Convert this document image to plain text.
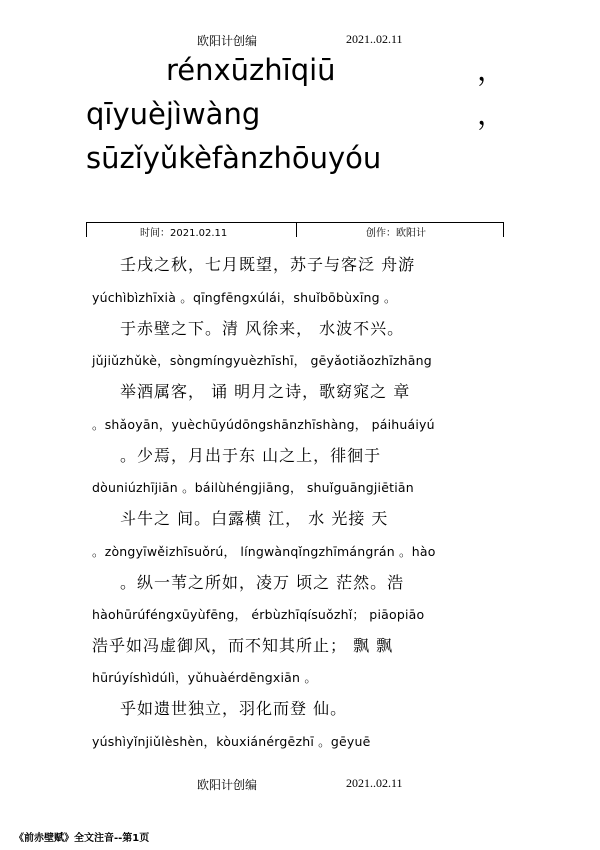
欧阳计创编	2021..02.11
rénxūzhīqiū	，
qīyuèjìwàng	，
sūzǐyǔkèfànzhōuyóu
时间：2021.02.11	创作：欧阳计
壬戌之秋，七月既望，苏子与客泛 舟游
yúchìbìzhīxià 。qīngfēngxúlái，shuǐbōbùxīng 。
于赤壁之下。清 风徐来， 水波不兴。
jǔjiǔzhǔkè，sòngmíngyuèzhīshī， gēyǎotiǎozhīzhāng
举酒属客， 诵 明月之诗，歌窈窕之 章
。shǎoyān，yuèchūyúdōngshānzhīshàng， páihuáiyú
。少焉，月出于东 山之上，徘徊于
dòuniúzhījiān 。báilùhéngjiāng， shuǐguāngjiētiān
斗牛之 间。白露横 江， 水 光接 天
。zòngyīwěizhīsuǒrú， língwànqǐngzhīmángrán 。hào
。纵一苇之所如，凌万 顷之 茫然。浩
hàohūrúféngxūyùfēng， érbùzhīqísuǒzhǐ； piāopiāo
浩乎如冯虚御风，而不知其所止； 飘 飘
hūrúyíshìdúlì，yǔhuàérdēngxiān 。
乎如遗世独立，羽化而登 仙。
yúshìyǐnjiǔlèshèn，kòuxiánérgēzhī 。gēyuē
欧阳计创编	2021..02.11
《前赤壁赋》全文注音--第1页
